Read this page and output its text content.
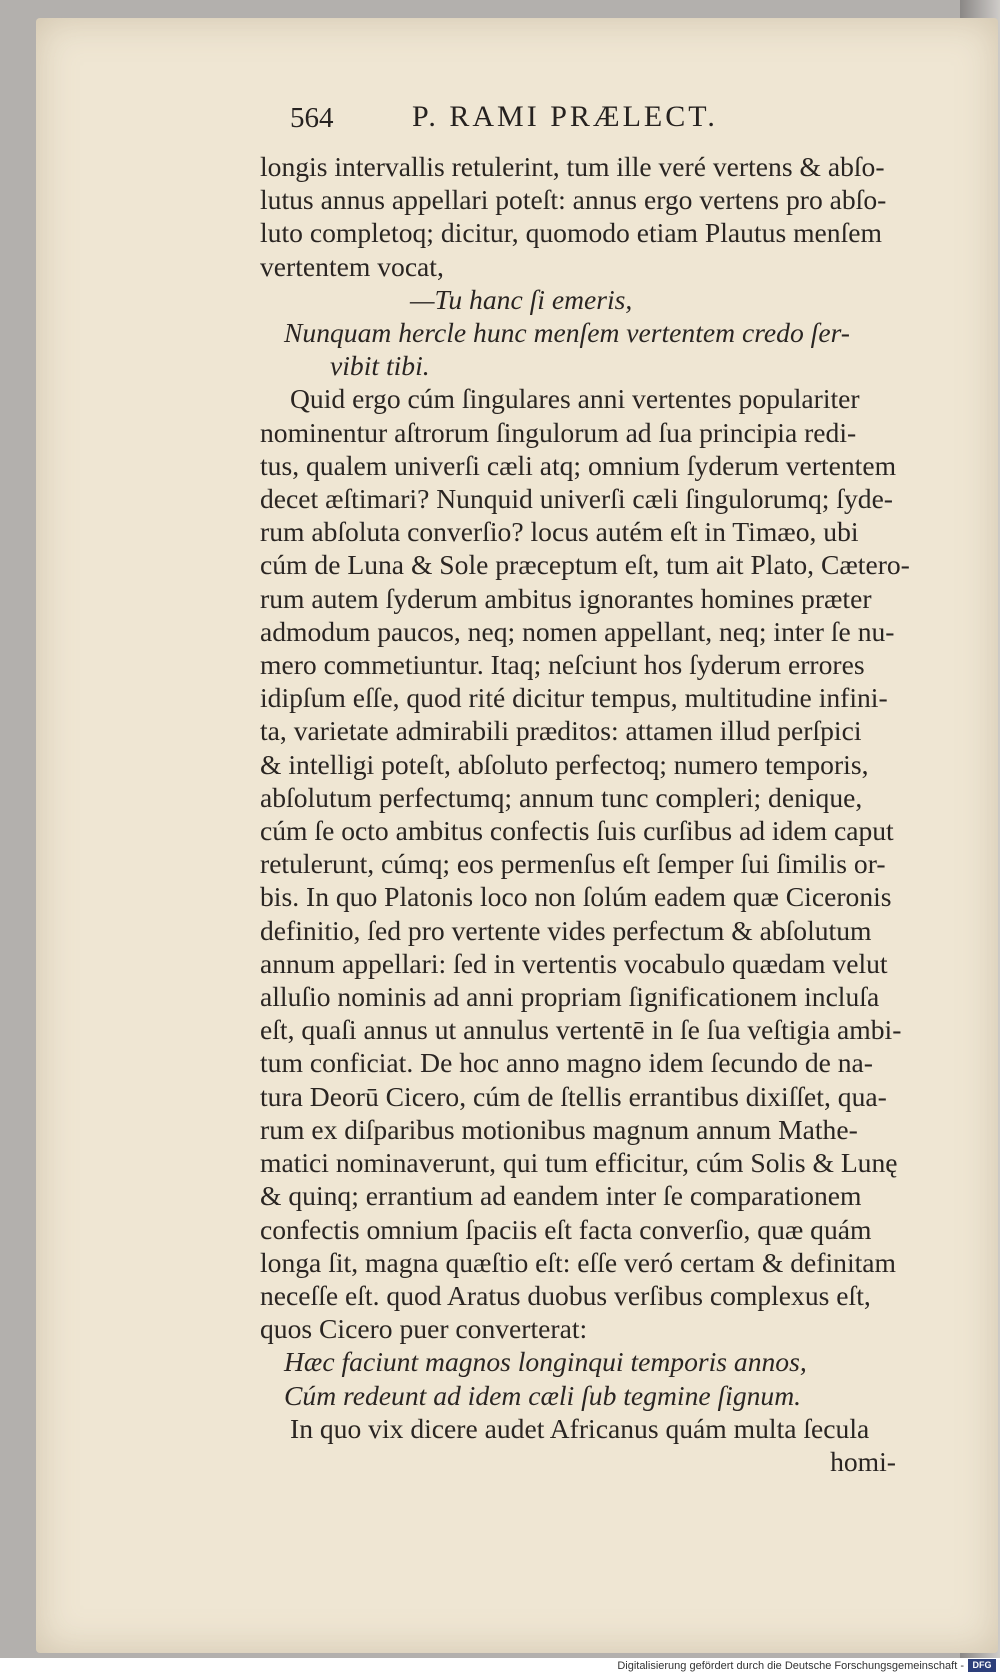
564	P. RAMI PRÆLECT.

longis intervallis retulerint, tum ille veré vertens & abſo-
lutus annus appellari poteſt: annus ergo vertens pro abſo-
luto completoq; dicitur, quomodo etiam Plautus menſem
vertentem vocat,

—Tu hanc ſi emeris,
Nunquam hercle hunc menſem vertentem credo ſer-
vibit tibi.

Quid ergo cúm ſingulares anni vertentes populariter
nominentur aſtrorum ſingulorum ad ſua principia redi-
tus, qualem univerſi cæli atq; omnium ſyderum vertentem
decet æſtimari? Nunquid univerſi cæli ſingulorumq; ſyde-
rum abſoluta converſio? locus autém eſt in Timæo, ubi
cúm de Luna & Sole præceptum eſt, tum ait Plato, Cætero-
rum autem ſyderum ambitus ignorantes homines præter
admodum paucos, neq; nomen appellant, neq; inter ſe nu-
mero commetiuntur. Itaq; neſciunt hos ſyderum errores
idipſum eſſe, quod rité dicitur tempus, multitudine infini-
ta, varietate admirabili præditos: attamen illud perſpici
& intelligi poteſt, abſoluto perfectoq; numero temporis,
abſolutum perfectumq; annum tunc compleri; denique,
cúm ſe octo ambitus confectis ſuis curſibus ad idem caput
retulerunt, cúmq; eos permenſus eſt ſemper ſui ſimilis or-
bis. In quo Platonis loco non ſolúm eadem quæ Ciceronis
definitio, ſed pro vertente vides perfectum & abſolutum
annum appellari: ſed in vertentis vocabulo quædam velut
alluſio nominis ad anni propriam ſignificationem incluſa
eſt, quaſi annus ut annulus vertentē in ſe ſua veſtigia ambi-
tum conficiat. De hoc anno magno idem ſecundo de na-
tura Deorū Cicero, cúm de ſtellis errantibus dixiſſet, qua-
rum ex diſparibus motionibus magnum annum Mathe-
matici nominaverunt, qui tum efficitur, cúm Solis & Lunę
& quinq; errantium ad eandem inter ſe comparationem
confectis omnium ſpaciis eſt facta converſio, quæ quám
longa ſit, magna quæſtio eſt: eſſe veró certam & definitam
neceſſe eſt. quod Aratus duobus verſibus complexus eſt,
quos Cicero puer converterat:

Hæc faciunt magnos longinqui temporis annos,
Cúm redeunt ad idem cæli ſub tegmine ſignum.

In quo vix dicere audet Africanus quám multa ſecula
homi-

Digitalisierung gefördert durch die Deutsche Forschungsgemeinschaft - DFG
